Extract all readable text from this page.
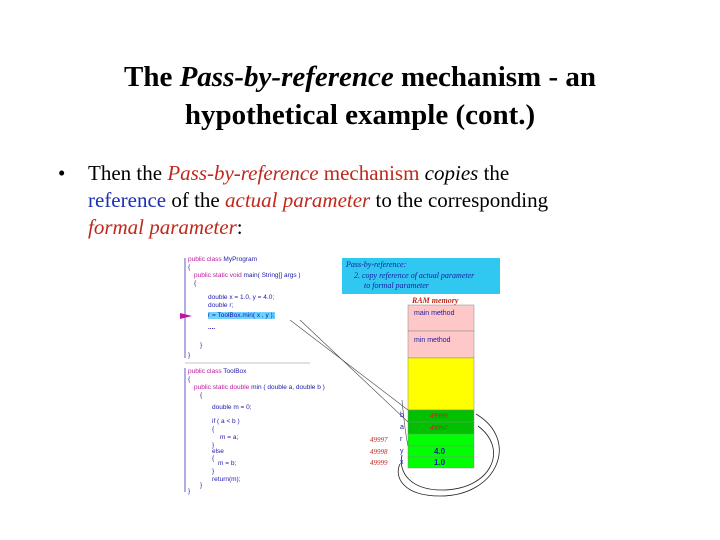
The Pass-by-reference mechanism - an
hypothetical example (cont.)
• Then the Pass-by-reference mechanism copies the
reference of the actual parameter to the corresponding
formal parameter:
Pass-by-reference:
2. copy reference of actual parameter
to formal parameter
RAM memory
main method
min method
public class MyProgram
{
public static void main( String[] args )
{
double x = 1.0, y = 4.0;
double r;
r = ToolBox.min( x , y );
....
}
}
public class ToolBox
{
public static double min ( double a, double b )
{
double m = 0;
if ( a < b )
{
m = a;
}
else
{
m = b;
}
return(m);
}
}
b
a
r
y
x
49999
49997
49997
49998
49999
4.0
1.0
